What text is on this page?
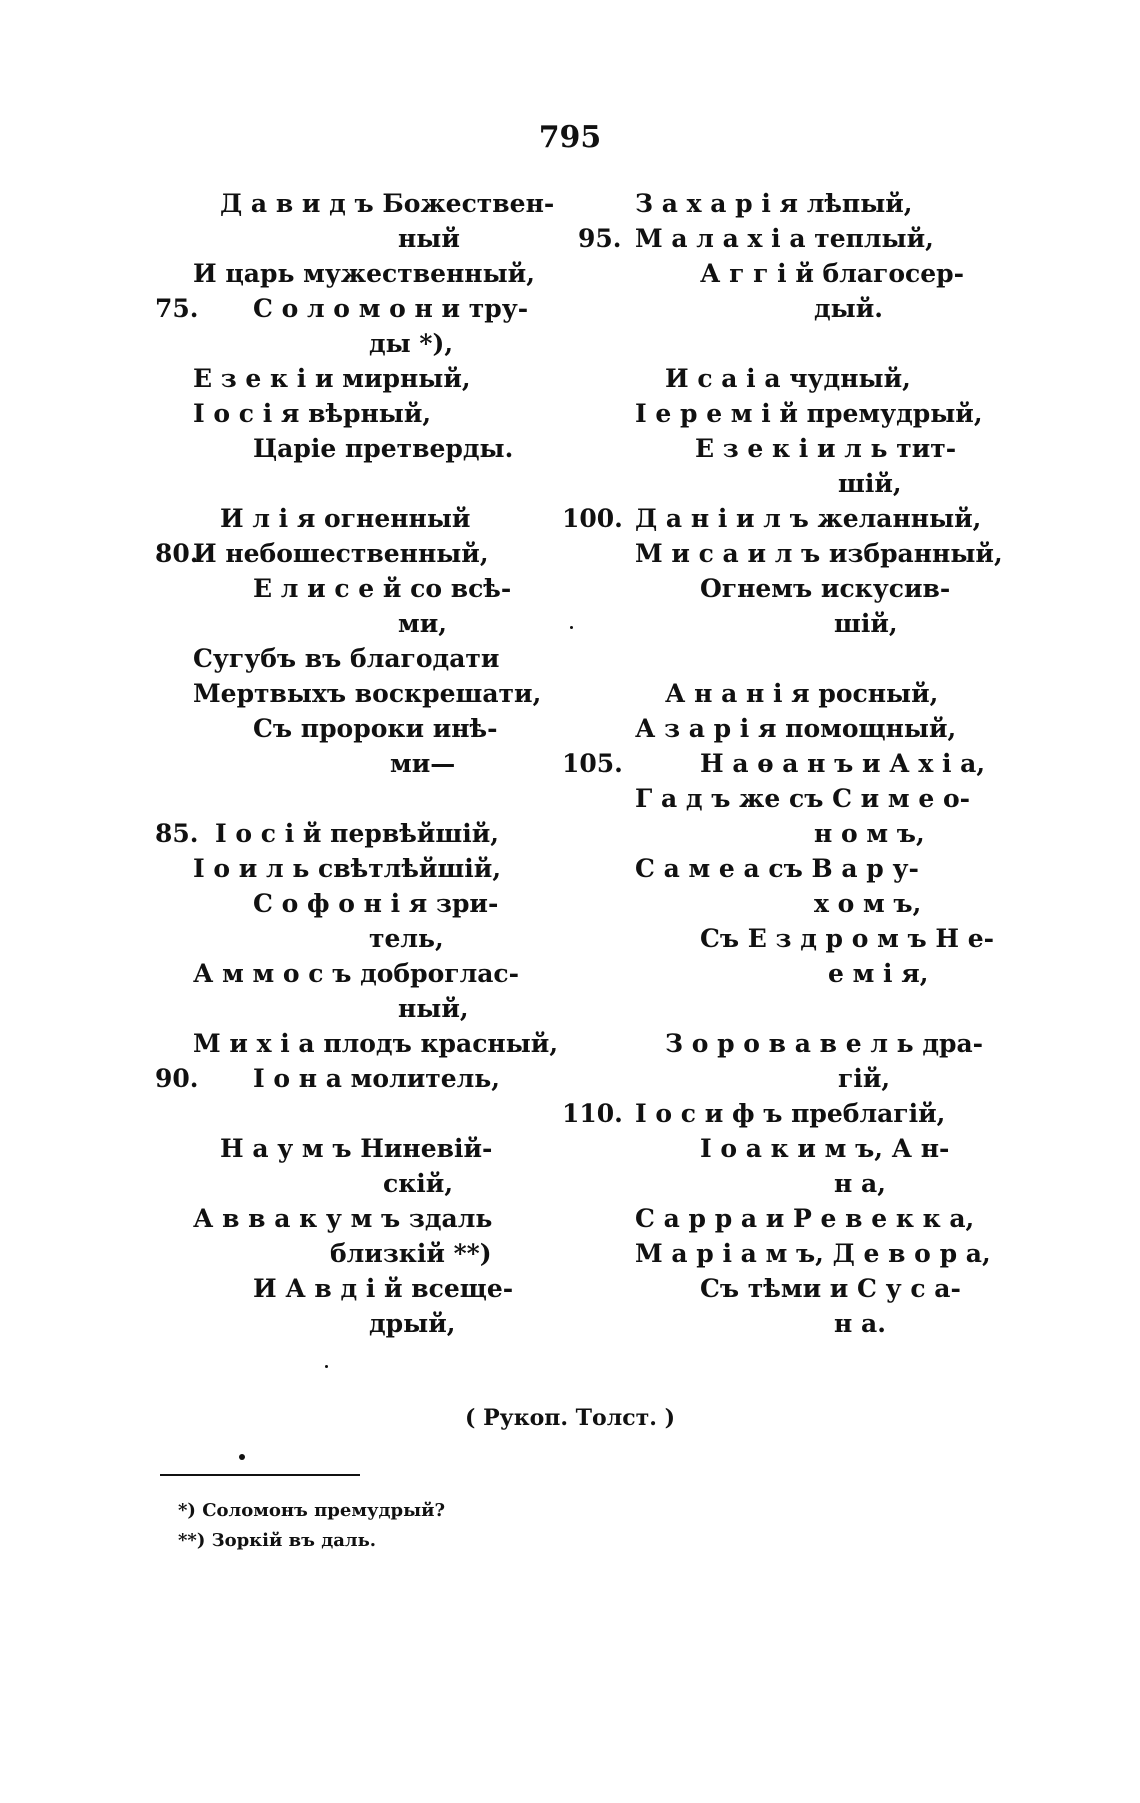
795
Д а в и д ъ Божествен-
ный
И царь мужественный,
75. С о л о м о н и тру-
ды *),
Е з е к і и мирный,
І о с і я вѣрный,
Царіе претверды.
И л і я огненный
80.
И небошественный,
Е л и с е й со всѣ-
ми,
Сугубъ въ благодати
Мертвыхъ воскрешати,
Съ пророки инѣ-
ми—
85. І о с і й первѣйшій,
І о и л ь свѣтлѣйшій,
С о ф о н і я зри-
тель,
А м м о с ъ доброглас-
ный,
М и х і а плодъ красный,
90. І о н а молитель,
Н а у м ъ Ниневій-
скій,
А в в а к у м ъ здаль
близкій **)
И А в д і й всеще-
дрый,
З а х а р і я лѣпый,
95. М а л а х і а теплый,
А г г і й благосер-
дый.
И с а і а чудный,
І е р е м і й премудрый,
Е з е к і и л ь тит-
шій,
100. Д а н і и л ъ желанный,
М и с а и л ъ избранный,
Огнемъ искусив-
шій,
А н а н і я росный,
А з а р і я помощный,
105.	Н а ѳ а н ъ и А х і а,
Г а д ъ же съ С и м е о-
н о м ъ,
С а м е а съ В а р у-
х о м ъ,
Съ Е з д р о м ъ Н е-
е м і я,
З о р о в а в е л ь дра-
гій,
110. І о с и ф ъ преблагій,
І о а к и м ъ, А н-
н а,
С а р р а и Р е в е к к а,
М а р і а м ъ, Д е в о р а,
Съ тѣми и С у с а-
н а.
( Рукоп. Толст. )
*) Соломонъ премудрый?
**) Зоркій въ даль.
